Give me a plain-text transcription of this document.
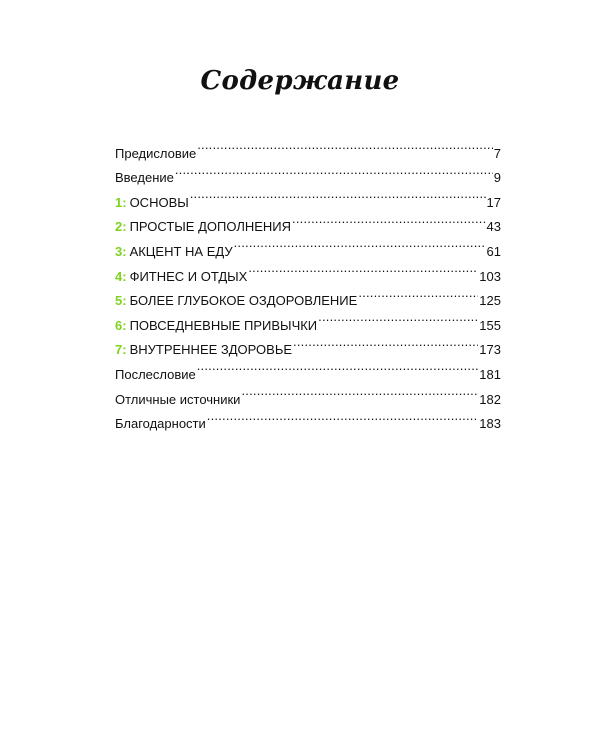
Содержание
Предисловие .....	7
Введение .....	9
1: ОСНОВЫ .....	17
2: ПРОСТЫЕ ДОПОЛНЕНИЯ .....	43
3: АКЦЕНТ НА ЕДУ .....	61
4: ФИТНЕС И ОТДЫХ .....	103
5: БОЛЕЕ ГЛУБОКОЕ ОЗДОРОВЛЕНИЕ .....	125
6: ПОВСЕДНЕВНЫЕ ПРИВЫЧКИ .....	155
7: ВНУТРЕННЕЕ ЗДОРОВЬЕ .....	173
Послесловие .....	181
Отличные источники .....	182
Благодарности .....	183
